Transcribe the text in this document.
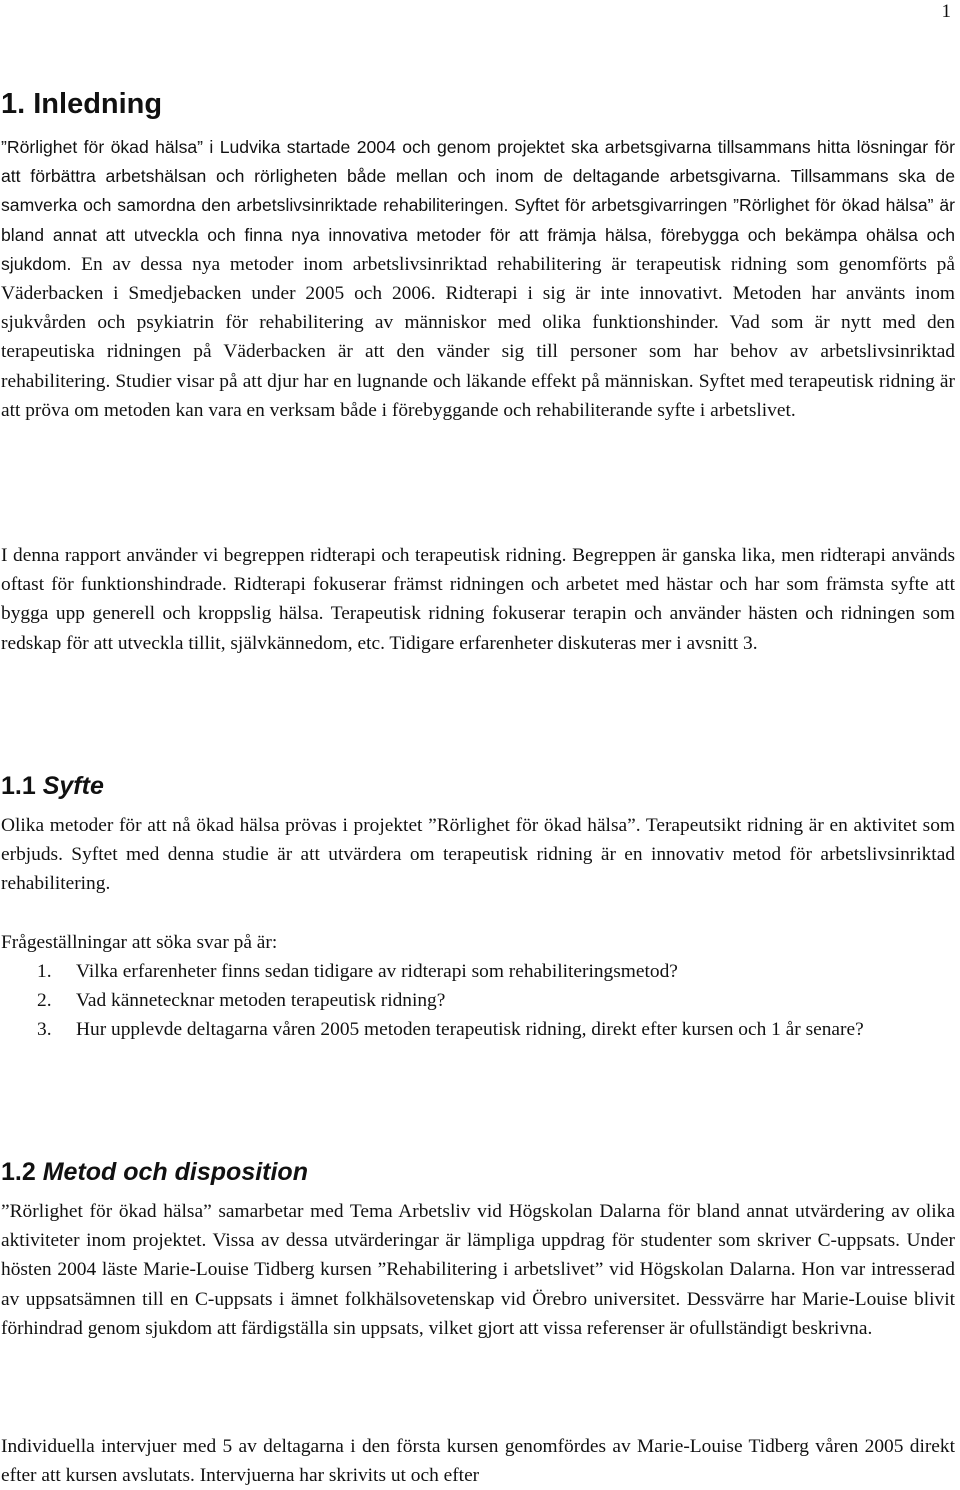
1
1. Inledning

”Rörlighet för ökad hälsa” i Ludvika startade 2004 och genom projektet ska arbetsgivarna tillsammans hitta lösningar för att förbättra arbetshälsan och rörligheten både mellan och inom de deltagande arbetsgivarna. Tillsammans ska de samverka och samordna den arbetslivsinriktade rehabiliteringen. Syftet för arbetsgivarringen ”Rörlighet för ökad hälsa” är bland annat att utveckla och finna nya innovativa metoder för att främja hälsa, förebygga och bekämpa ohälsa och sjukdom. En av dessa nya metoder inom arbetslivsinriktad rehabilitering är terapeutisk ridning som genomförts på Väderbacken i Smedjebacken under 2005 och 2006. Ridterapi i sig är inte innovativt. Metoden har använts inom sjukvården och psykiatrin för rehabilitering av människor med olika funktionshinder. Vad som är nytt med den terapeutiska ridningen på Väderbacken är att den vänder sig till personer som har behov av arbetslivsinriktad rehabilitering. Studier visar på att djur har en lugnande och läkande effekt på människan. Syftet med terapeutisk ridning är att pröva om metoden kan vara en verksam både i förebyggande och rehabiliterande syfte i arbetslivet.

I denna rapport använder vi begreppen ridterapi och terapeutisk ridning. Begreppen är ganska lika, men ridterapi används oftast för funktionshindrade. Ridterapi fokuserar främst ridningen och arbetet med hästar och har som främsta syfte att bygga upp generell och kroppslig hälsa. Terapeutisk ridning fokuserar terapin och använder hästen och ridningen som redskap för att utveckla tillit, självkännedom, etc. Tidigare erfarenheter diskuteras mer i avsnitt 3.

1.1 Syfte

Olika metoder för att nå ökad hälsa prövas i projektet ”Rörlighet för ökad hälsa”. Terapeutsikt ridning är en aktivitet som erbjuds. Syftet med denna studie är att utvärdera om terapeutisk ridning är en innovativ metod för arbetslivsinriktad rehabilitering.

Frågeställningar att söka svar på är:

1. Vilka erfarenheter finns sedan tidigare av ridterapi som rehabiliteringsmetod?
2. Vad kännetecknar metoden terapeutisk ridning?
3. Hur upplevde deltagarna våren 2005 metoden terapeutisk ridning, direkt efter kursen och 1 år senare?
1.2 Metod och disposition

”Rörlighet för ökad hälsa” samarbetar med Tema Arbetsliv vid Högskolan Dalarna för bland annat utvärdering av olika aktiviteter inom projektet. Vissa av dessa utvärderingar är lämpliga uppdrag för studenter som skriver C-uppsats. Under hösten 2004 läste Marie-Louise Tidberg kursen ”Rehabilitering i arbetslivet” vid Högskolan Dalarna. Hon var intresserad av uppsatsämnen till en C-uppsats i ämnet folkhälsovetenskap vid Örebro universitet. Dessvärre har Marie-Louise blivit förhindrad genom sjukdom att färdigställa sin uppsats, vilket gjort att vissa referenser är ofullständigt beskrivna.

Individuella intervjuer med 5 av deltagarna i den första kursen genomfördes av Marie-Louise Tidberg våren 2005 direkt efter att kursen avslutats. Intervjuerna har skrivits ut och efter
